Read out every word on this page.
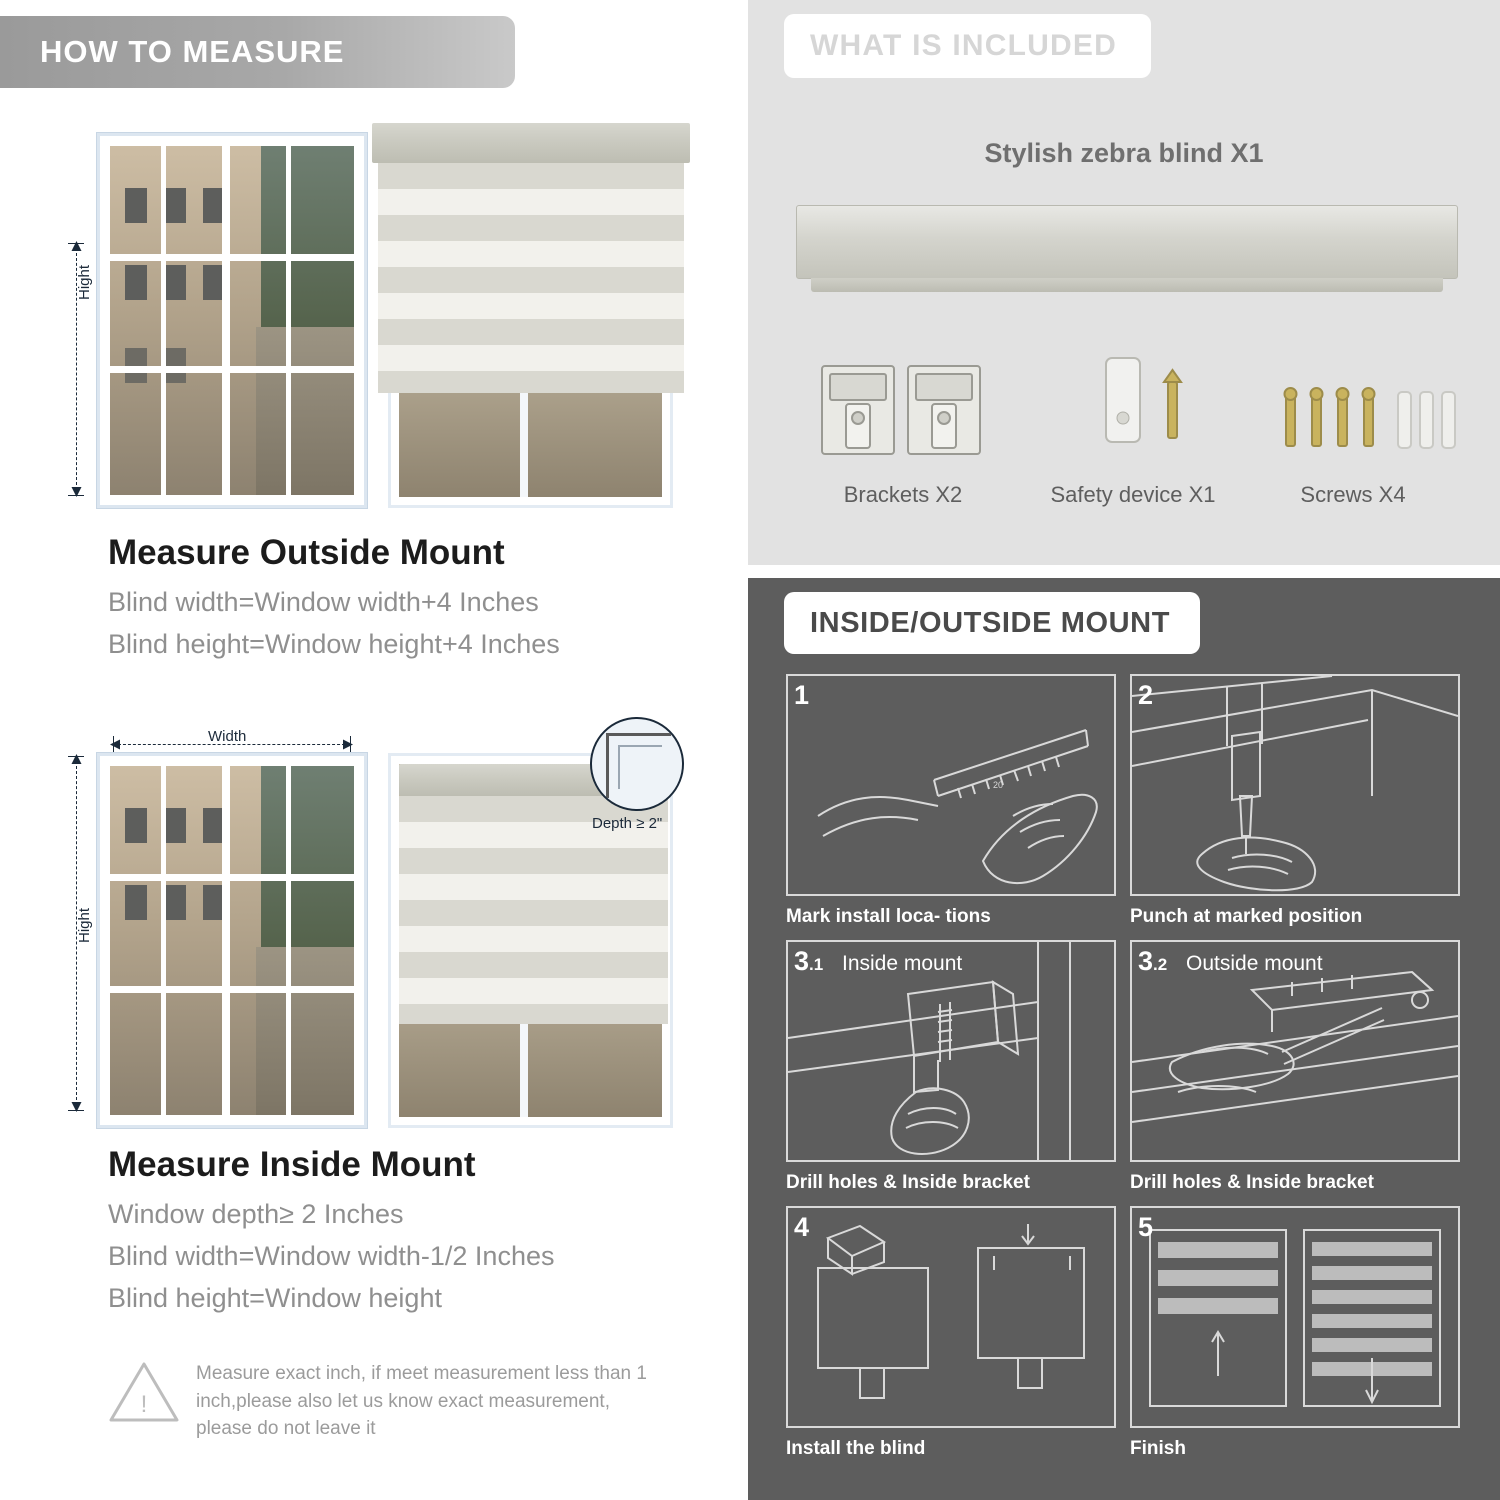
HOW TO MEASURE
Hight
Measure Outside Mount
Blind width=Window width+4 Inches
Blind height=Window height+4 Inches
Width
Hight
Depth ≥ 2"
Measure Inside Mount
Window depth≥ 2 Inches
Blind width=Window width-1/2 Inches
Blind height=Window height
!
Measure exact inch, if meet measurement less than 1 inch,please also let us know exact measurement, please do not leave it
WHAT IS INCLUDED
Stylish zebra blind X1
Brackets X2	Safety device X1	Screws X4
INSIDE/OUTSIDE MOUNT
20
1
Mark install loca- tions
2
Punch at marked position
3.1 Inside mount
Drill holes & Inside bracket
3.2 Outside mount
Drill holes & Inside bracket
4
Install the blind
5
Finish
